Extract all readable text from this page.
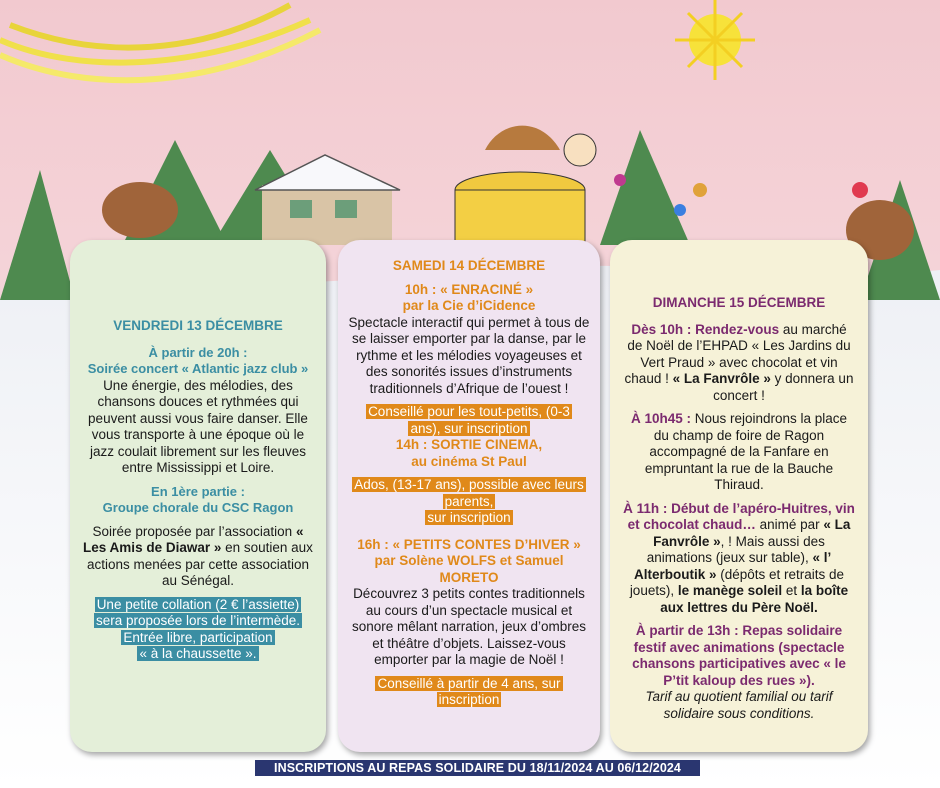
VENDREDI 13 DÉCEMBRE

À partir de 20h :

Soirée concert « Atlantic jazz club »

Une énergie, des mélodies, des chansons douces et rythmées qui peuvent aussi vous faire danser. Elle vous transporte à une époque où le jazz coulait librement sur les fleuves entre Mississippi et Loire.

En 1ère partie :

Groupe chorale du CSC Ragon

Soirée proposée par l’association « Les Amis de Diawar » en soutien aux actions menées par cette association au Sénégal.

Une petite collation (2 € l’assiette)
sera proposée lors de l’intermède.
Entrée libre, participation
« à la chaussette ».

SAMEDI 14 DÉCEMBRE

10h : « ENRACINÉ »

par la Cie d’iCidence

Spectacle interactif qui permet à tous de se laisser emporter par la danse, par le rythme et les mélodies voyageuses et des sonorités issues d’instruments traditionnels d’Afrique de l’ouest !

Conseillé pour les tout-petits, (0-3
ans), sur inscription

14h : SORTIE CINEMA,

au cinéma St Paul

Ados, (13-17 ans), possible avec leurs
parents,
sur inscription

16h : « PETITS CONTES D’HIVER »

par Solène WOLFS et Samuel MORETO

Découvrez 3 petits contes traditionnels au cours d’un spectacle musical et sonore mêlant narration, jeux d’ombres et théâtre d’objets. Laissez-vous emporter par la magie de Noël !

Conseillé à partir de 4 ans, sur
inscription

DIMANCHE 15 DÉCEMBRE

Dès 10h : Rendez-vous au marché de Noël de l’EHPAD « Les Jardins du Vert Praud » avec chocolat et vin chaud ! « La Fanvrôle » y donnera un concert !

À 10h45 : Nous rejoindrons la place du champ de foire de Ragon accompagné de la Fanfare en empruntant la rue de la Bauche Thiraud.

À 11h : Début de l’apéro-Huitres, vin et chocolat chaud… animé par « La Fanvrôle », ! Mais aussi des animations (jeux sur table), « l’ Alterboutik » (dépôts et retraits de jouets), le manège soleil et la boîte aux lettres du Père Noël.

À partir de 13h : Repas solidaire festif avec animations (spectacle chansons participatives avec « le P’tit kaloup des rues »).

Tarif au quotient familial ou tarif solidaire sous conditions.

INSCRIPTIONS AU REPAS SOLIDAIRE DU 18/11/2024 AU 06/12/2024
